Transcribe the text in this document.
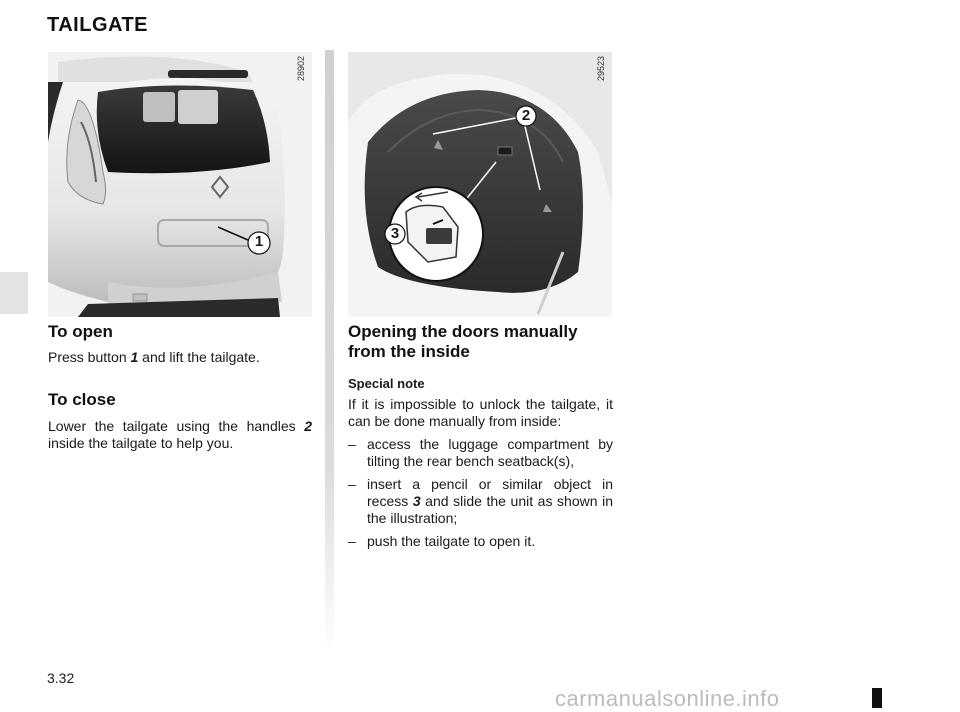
TAILGATE
28902
1
29523
2
3
To open

Press button 1 and lift the tailgate.

To close

Lower the tailgate using the handles 2 inside the tailgate to help you.

Opening the doors manually from the inside
Special note

If it is impossible to unlock the tailgate, it can be done manually from inside:

– access the luggage compartment by tilting the rear bench seatback(s),
– insert a pencil or similar object in recess 3 and slide the unit as shown in the illustration;
– push the tailgate to open it.
3.32
carmanualsonline.info
